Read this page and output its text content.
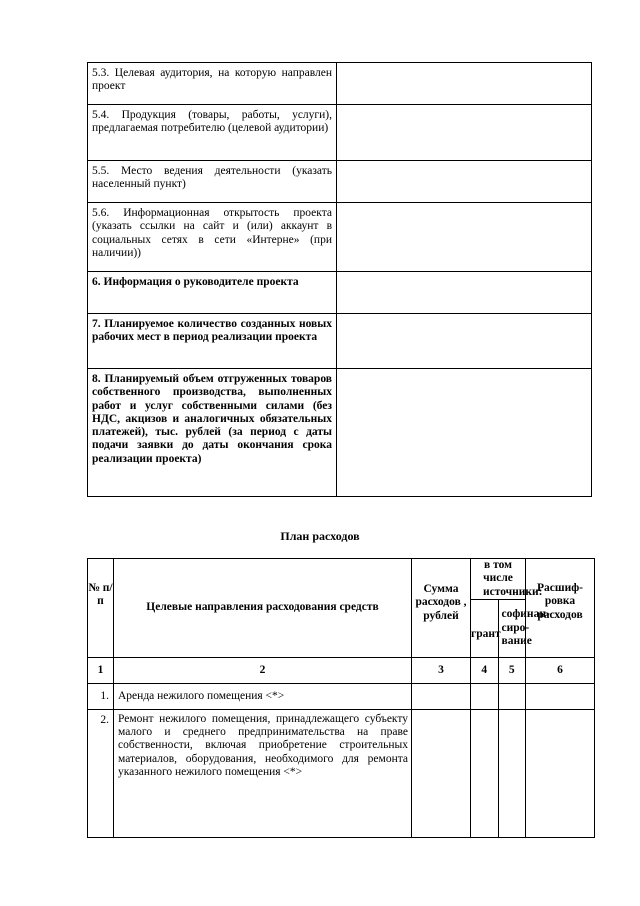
5.3. Целевая аудитория, на которую направлен проект	
5.4. Продукция (товары, работы, услуги), предлагаемая потребителю (целевой аудитории)	
5.5. Место ведения деятельности (указать населенный пункт)	
5.6. Информационная открытость проекта (указать ссылки на сайт и (или) аккаунт в социальных сетях в сети «Интерне» (при наличии))	
6. Информация о руководителе проекта	
7. Планируемое количество созданных новых рабочих мест в период реализации проекта	
8. Планируемый объем отгруженных товаров собственного производства, выполненных работ и услуг собственными силами (без НДС, акцизов и аналогичных обязательных платежей), тыс. рублей (за период с даты подачи заявки до даты окончания срока реализации проекта)	
План расходов
№ п/п	Целевые направления расходования средств	Сумма расходов , рублей	в том числе источники:		Расшиф-ровка расходов
			грант	софинан-сиро-вание	
1	2	3	4	5	6
1.	Аренда нежилого помещения <*>				
2.	Ремонт нежилого помещения, принадлежащего субъекту малого и среднего предпринимательства на праве собственности, включая приобретение строительных материалов, оборудования, необходимого для ремонта указанного нежилого помещения <*>				
